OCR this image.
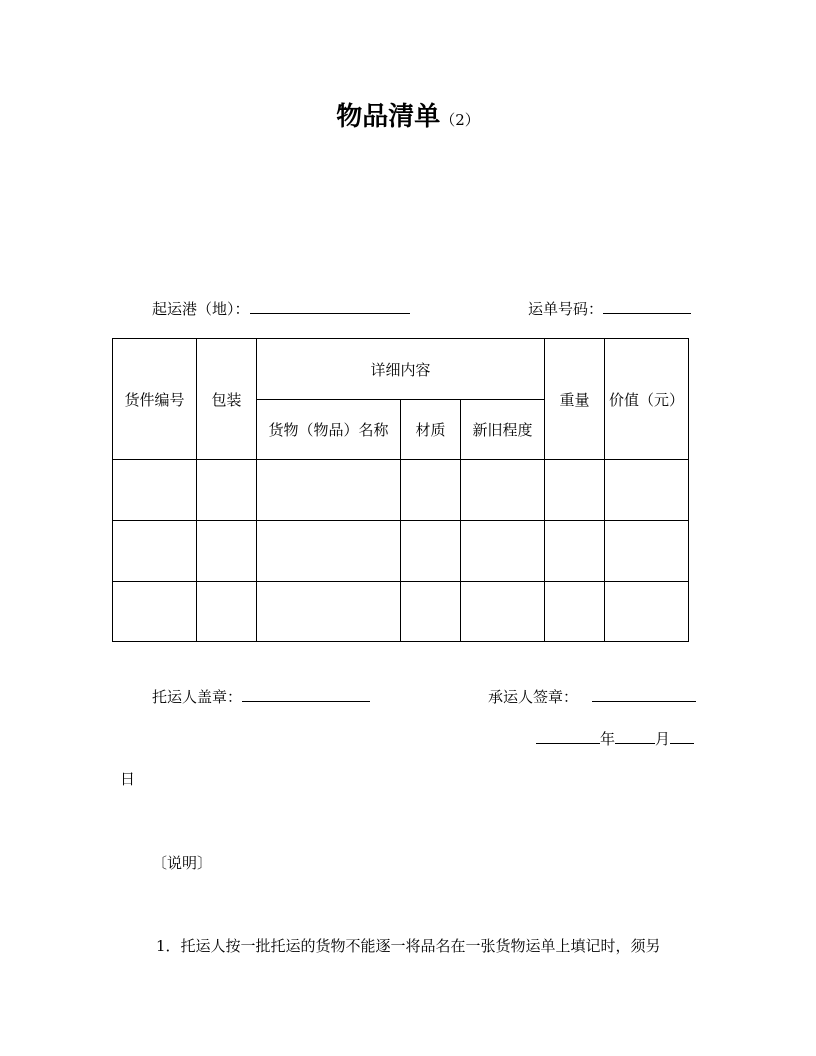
物品清单（2）
起运港（地）：	运单号码：
货件编号	包装	详细内容			重量	价值（元）
		货物（物品）名称	材质	新旧程度		

托运人盖章：	承运人签章：
年	月
日
〔说明〕
1．托运人按一批托运的货物不能逐一将品名在一张货物运单上填记时，须另
